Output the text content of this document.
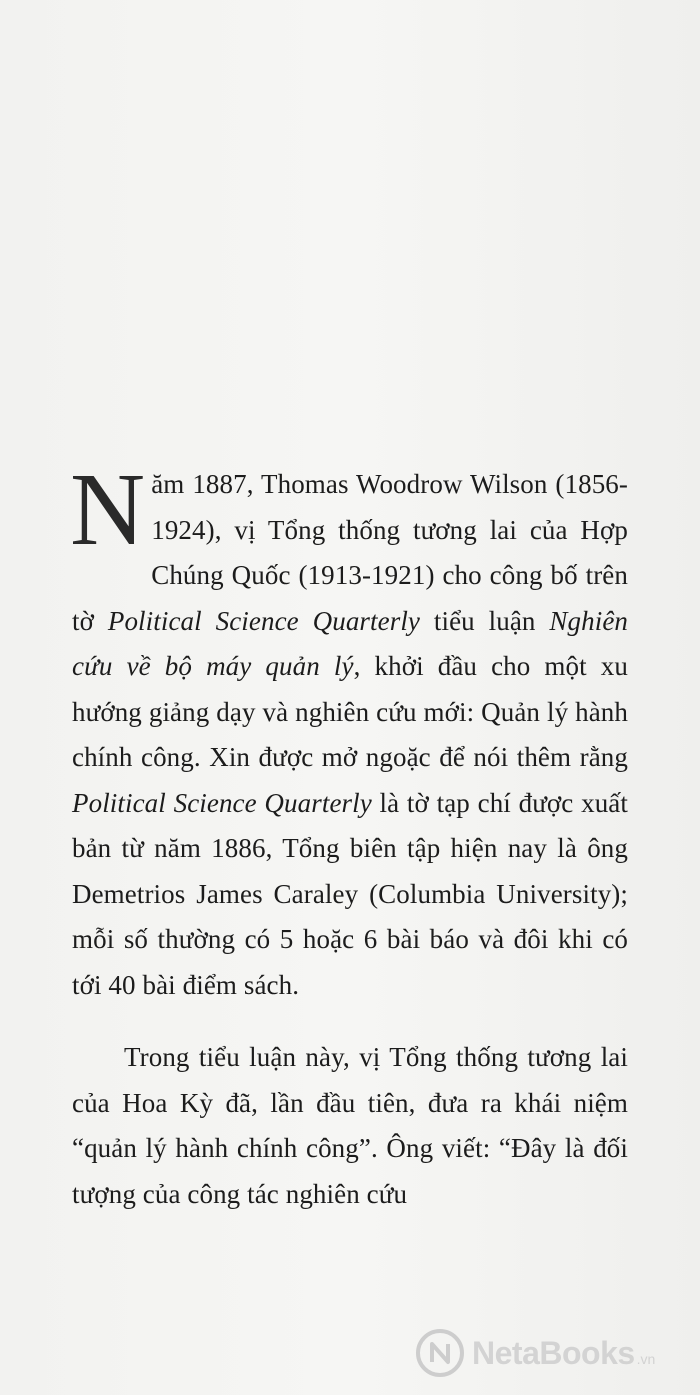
Năm 1887, Thomas Woodrow Wilson (1856-1924), vị Tổng thống tương lai của Hợp Chúng Quốc (1913-1921) cho công bố trên tờ Political Science Quarterly tiểu luận Nghiên cứu về bộ máy quản lý, khởi đầu cho một xu hướng giảng dạy và nghiên cứu mới: Quản lý hành chính công. Xin được mở ngoặc để nói thêm rằng Political Science Quarterly là tờ tạp chí được xuất bản từ năm 1886, Tổng biên tập hiện nay là ông Demetrios James Caraley (Columbia University); mỗi số thường có 5 hoặc 6 bài báo và đôi khi có tới 40 bài điểm sách.

Trong tiểu luận này, vị Tổng thống tương lai của Hoa Kỳ đã, lần đầu tiên, đưa ra khái niệm “quản lý hành chính công”. Ông viết: “Đây là đối tượng của công tác nghiên cứu

NetaBooks .vn
